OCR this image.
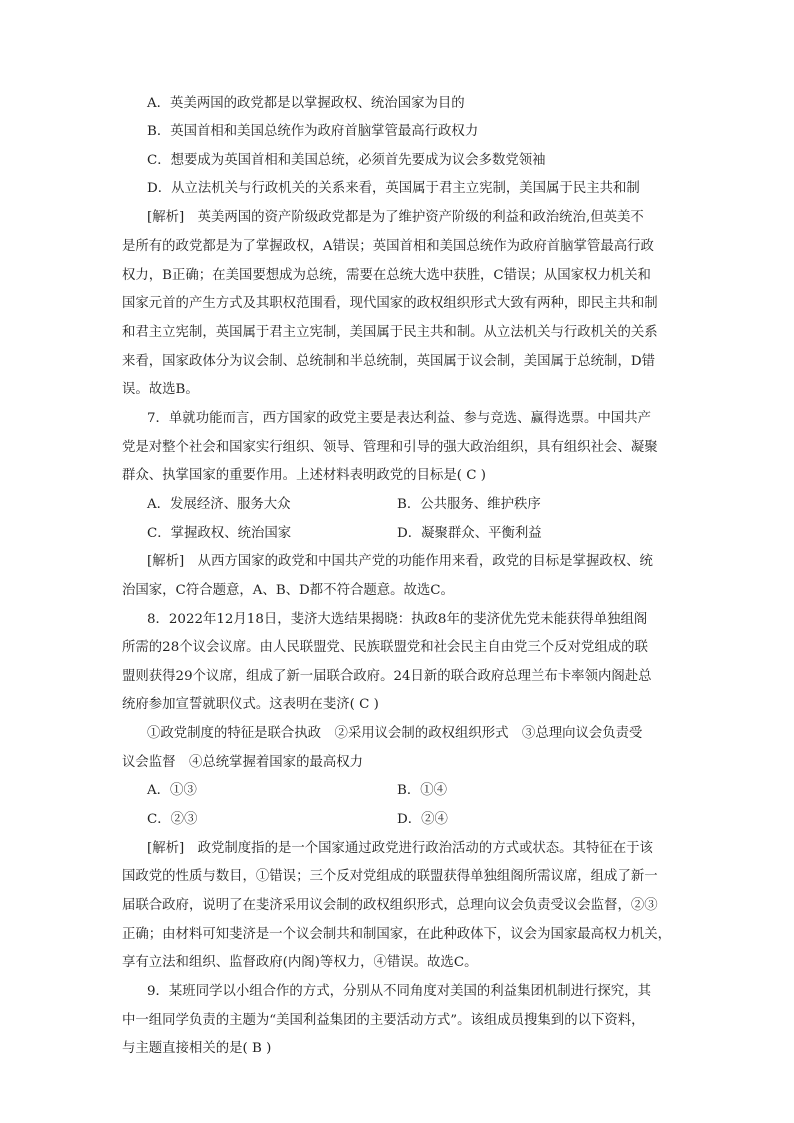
A．英美两国的政党都是以掌握政权、统治国家为目的
B．英国首相和美国总统作为政府首脑掌管最高行政权力
C．想要成为英国首相和美国总统，必须首先要成为议会多数党领袖
D．从立法机关与行政机关的关系来看，英国属于君主立宪制，美国属于民主共和制
[解析]　英美两国的资产阶级政党都是为了维护资产阶级的利益和政治统治,但英美不
是所有的政党都是为了掌握政权，A错误；英国首相和美国总统作为政府首脑掌管最高行政
权力，B正确；在美国要想成为总统，需要在总统大选中获胜，C错误；从国家权力机关和
国家元首的产生方式及其职权范围看，现代国家的政权组织形式大致有两种，即民主共和制
和君主立宪制，英国属于君主立宪制，美国属于民主共和制。从立法机关与行政机关的关系
来看，国家政体分为议会制、总统制和半总统制，英国属于议会制，美国属于总统制，D错
误。故选B。
7．单就功能而言，西方国家的政党主要是表达利益、参与竞选、赢得选票。中国共产
党是对整个社会和国家实行组织、领导、管理和引导的强大政治组织，具有组织社会、凝聚
群众、执掌国家的重要作用。上述材料表明政党的目标是( C )
A．发展经济、服务大众	B．公共服务、维护秩序
C．掌握政权、统治国家	D．凝聚群众、平衡利益
[解析]　从西方国家的政党和中国共产党的功能作用来看，政党的目标是掌握政权、统
治国家，C符合题意，A、B、D都不符合题意。故选C。
8．2022年12月18日，斐济大选结果揭晓：执政8年的斐济优先党未能获得单独组阁
所需的28个议会议席。由人民联盟党、民族联盟党和社会民主自由党三个反对党组成的联
盟则获得29个议席，组成了新一届联合政府。24日新的联合政府总理兰布卡率领内阁赴总
统府参加宣誓就职仪式。这表明在斐济( C )
①政党制度的特征是联合执政　②采用议会制的政权组织形式　③总理向议会负责受
议会监督　④总统掌握着国家的最高权力
A．①③	B．①④
C．②③	D．②④
[解析]　政党制度指的是一个国家通过政党进行政治活动的方式或状态。其特征在于该
国政党的性质与数目，①错误；三个反对党组成的联盟获得单独组阁所需议席，组成了新一
届联合政府，说明了在斐济采用议会制的政权组织形式，总理向议会负责受议会监督，②③
正确；由材料可知斐济是一个议会制共和制国家，在此种政体下，议会为国家最高权力机关，
享有立法和组织、监督政府(内阁)等权力，④错误。故选C。
9．某班同学以小组合作的方式，分别从不同角度对美国的利益集团机制进行探究，其
中一组同学负责的主题为“美国利益集团的主要活动方式”。该组成员搜集到的以下资料，
与主题直接相关的是( B )
